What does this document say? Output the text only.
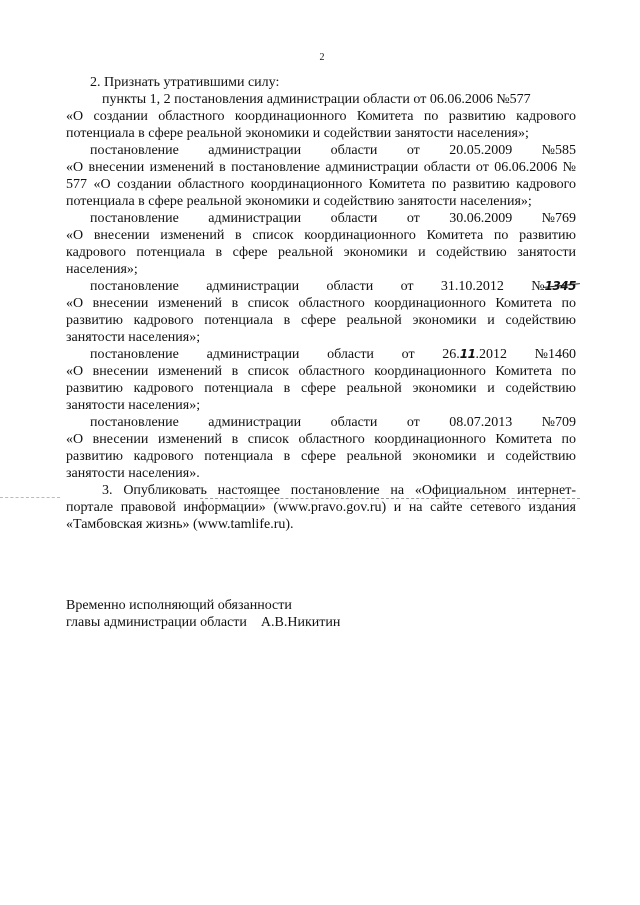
2

2. Признать утратившими силу:

пункты 1, 2 постановления администрации области от 06.06.2006 №577

«О создании областного координационного Комитета по развитию кадрового потенциала в сфере реальной экономики и содействии занятости населения»;

постановление администрации области от 20.05.2009 №585

«О внесении изменений в постановление администрации области от 06.06.2006 № 577 «О создании областного координационного Комитета по развитию кадрового потенциала в сфере реальной экономики и содействию занятости населения»;

постановление администрации области от 30.06.2009 №769

«О внесении изменений в список координационного Комитета по развитию кадрового потенциала в сфере реальной экономики и содействию занятости населения»;

постановление администрации области от 31.10.2012 №1345

«О внесении изменений в список областного координационного Комитета по развитию кадрового потенциала в сфере реальной экономики и содействию занятости населения»;

постановление администрации области от 26.11.2012 №1460

«О внесении изменений в список областного координационного Комитета по развитию кадрового потенциала в сфере реальной экономики и содействию занятости населения»;

постановление администрации области от 08.07.2013 №709

«О внесении изменений в список областного координационного Комитета по развитию кадрового потенциала в сфере реальной экономики и содействию занятости населения».

3. Опубликовать настоящее постановление на «Официальном интернет-портале правовой информации» (www.pravo.gov.ru) и на сайте сетевого издания «Тамбовская жизнь» (www.tamlife.ru).

Временно исполняющий обязанности
главы администрации области А.В.Никитин
